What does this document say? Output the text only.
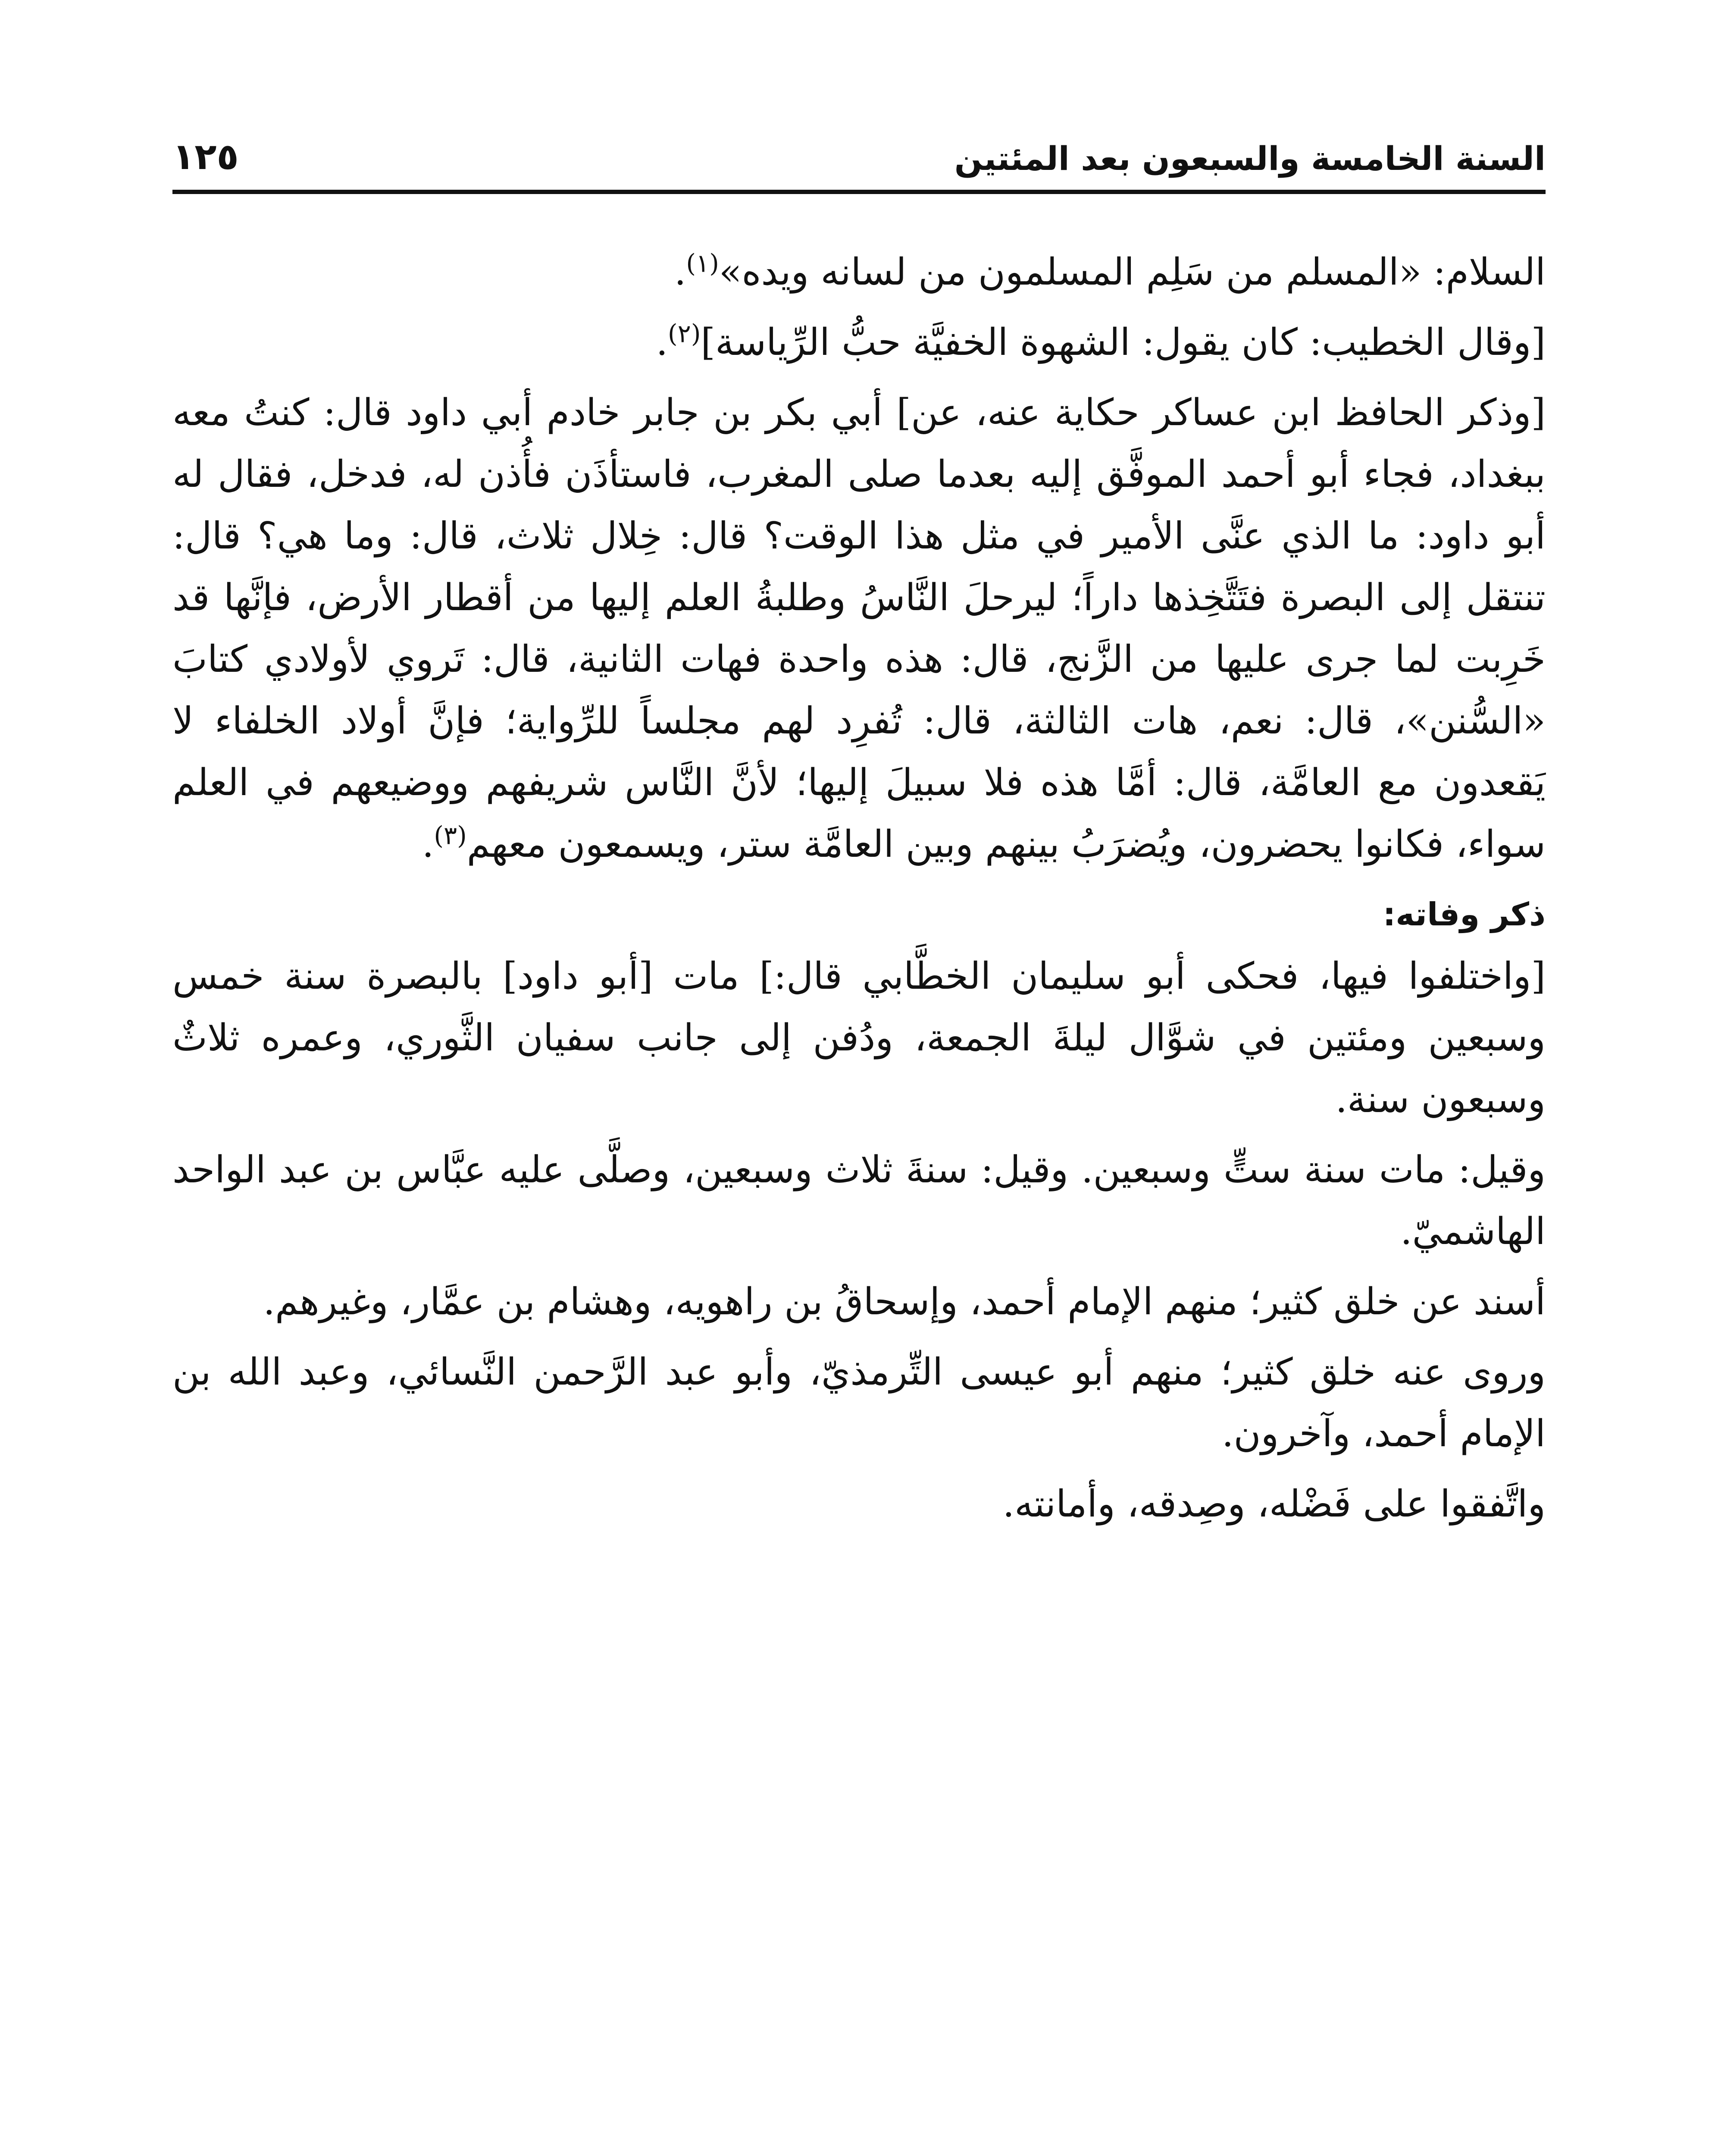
السنة الخامسة والسبعون بعد المئتين
١٢٥

السلام: «المسلم من سَلِم المسلمون من لسانه ويده»$^{(١)}$.

[وقال الخطيب: كان يقول: الشهوة الخفيَّة حبُّ الرِّياسة]$^{(٢)}$.

[وذكر الحافظ ابن عساكر حكاية عنه، عن] أبي بكر بن جابر خادم أبي داود قال: كنتُ معه ببغداد، فجاء أبو أحمد الموفَّق إليه بعدما صلى المغرب، فاستأذَن فأُذن له، فدخل، فقال له أبو داود: ما الذي عنَّى الأمير في مثل هذا الوقت؟ قال: خِلال ثلاث، قال: وما هي؟ قال: تنتقل إلى البصرة فتَتَّخِذها داراً؛ ليرحلَ النَّاسُ وطلبةُ العلم إليها من أقطار الأرض، فإنَّها قد خَرِبت لما جرى عليها من الزَّنج، قال: هذه واحدة فهات الثانية، قال: تَروي لأولادي كتابَ «السُّنن»، قال: نعم، هات الثالثة، قال: تُفرِد لهم مجلساً للرِّواية؛ فإنَّ أولاد الخلفاء لا يَقعدون مع العامَّة، قال: أمَّا هذه فلا سبيلَ إليها؛ لأنَّ النَّاس شريفهم ووضيعهم في العلم سواء، فكانوا يحضرون، ويُضرَبُ بينهم وبين العامَّة ستر، ويسمعون معهم$^{(٣)}$.

ذكر وفاته:

[واختلفوا فيها، فحكى أبو سليمان الخطَّابي قال:] مات [أبو داود] بالبصرة سنة خمس وسبعين ومئتين في شوَّال ليلةَ الجمعة، ودُفن إلى جانب سفيان الثَّوري، وعمره ثلاثٌ وسبعون سنة.

وقيل: مات سنة ستٍّ وسبعين. وقيل: سنةَ ثلاث وسبعين، وصلَّى عليه عبَّاس بن عبد الواحد الهاشميّ.

أسند عن خلق كثير؛ منهم الإمام أحمد، وإسحاقُ بن راهويه، وهشام بن عمَّار، وغيرهم.

وروى عنه خلق كثير؛ منهم أبو عيسى التِّرمذيّ، وأبو عبد الرَّحمن النَّسائي، وعبد الله بن الإمام أحمد، وآخرون.

واتَّفقوا على فَضْله، وصِدقه، وأمانته.
